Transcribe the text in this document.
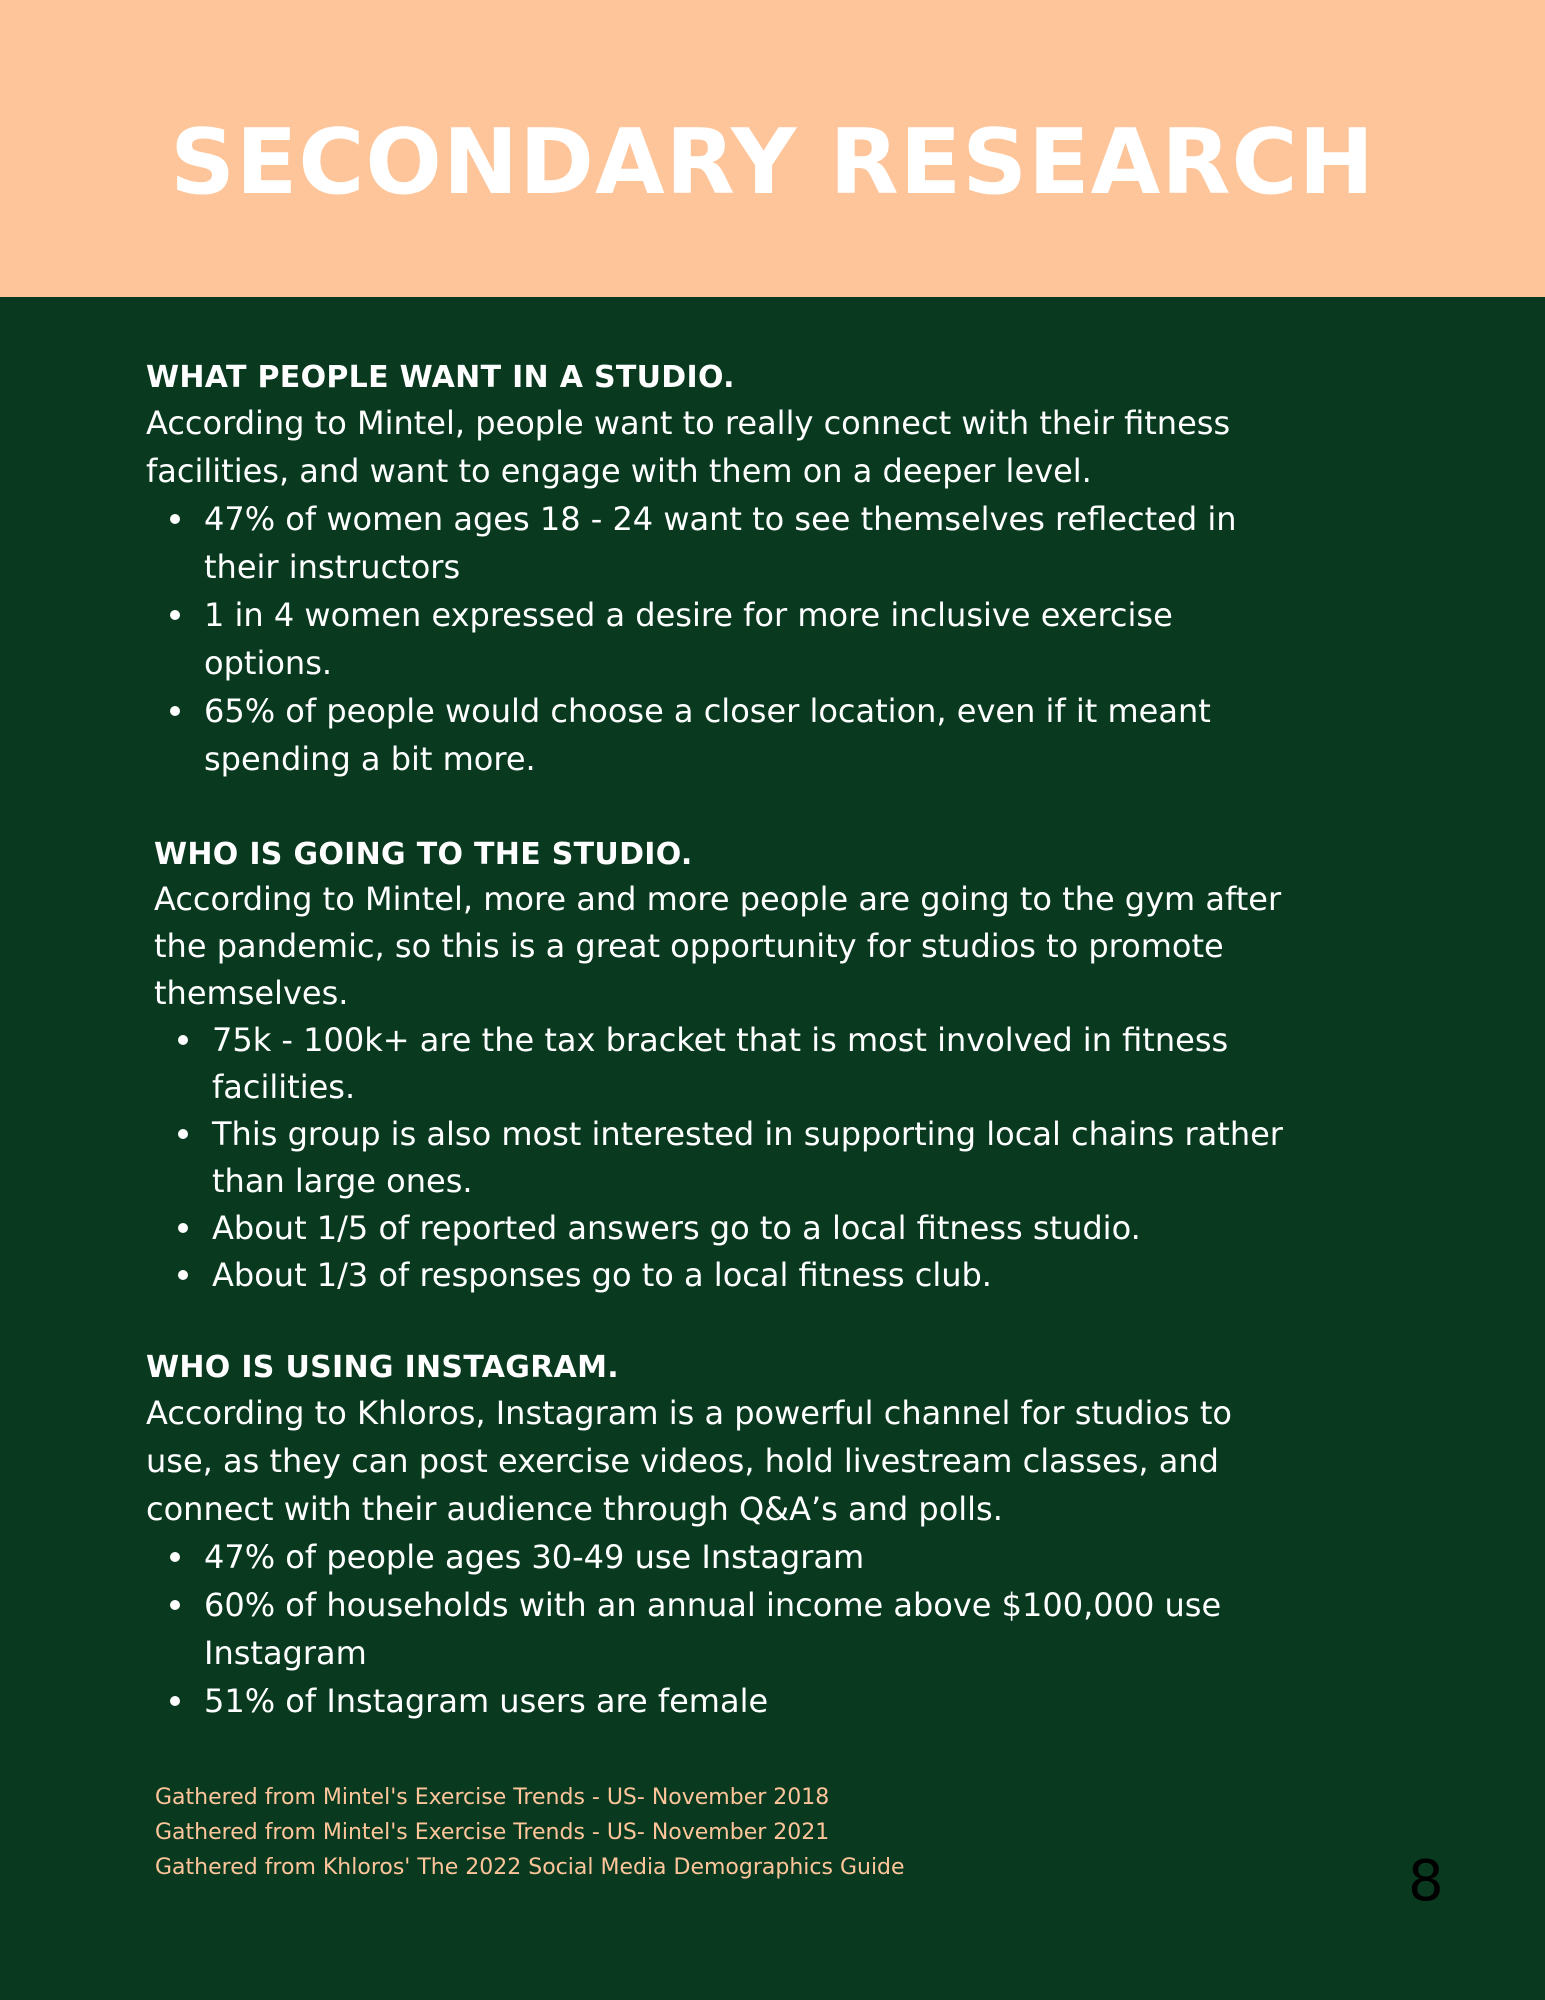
SECONDARY RESEARCH
WHAT PEOPLE WANT IN A STUDIO.

According to Mintel, people want to really connect with their fitness facilities, and want to engage with them on a deeper level.

47% of women ages 18 - 24 want to see themselves reflected in their instructors
1 in 4 women expressed a desire for more inclusive exercise options.
65% of people would choose a closer location, even if it meant spending a bit more.
WHO IS GOING TO THE STUDIO.

According to Mintel, more and more people are going to the gym after the pandemic, so this is a great opportunity for studios to promote themselves.

75k - 100k+ are the tax bracket that is most involved in fitness facilities.
This group is also most interested in supporting local chains rather than large ones.
About 1/5 of reported answers go to a local fitness studio.
About 1/3 of responses go to a local fitness club.
WHO IS USING INSTAGRAM.

According to Khloros, Instagram is a powerful channel for studios to use, as they can post exercise videos, hold livestream classes, and connect with their audience through Q&A’s and polls.

47% of people ages 30-49 use Instagram
60% of households with an annual income above $100,000 use Instagram
51% of Instagram users are female
Gathered from Mintel's Exercise Trends - US- November 2018
Gathered from Mintel's Exercise Trends - US- November 2021
Gathered from Khloros' The 2022 Social Media Demographics Guide	8
